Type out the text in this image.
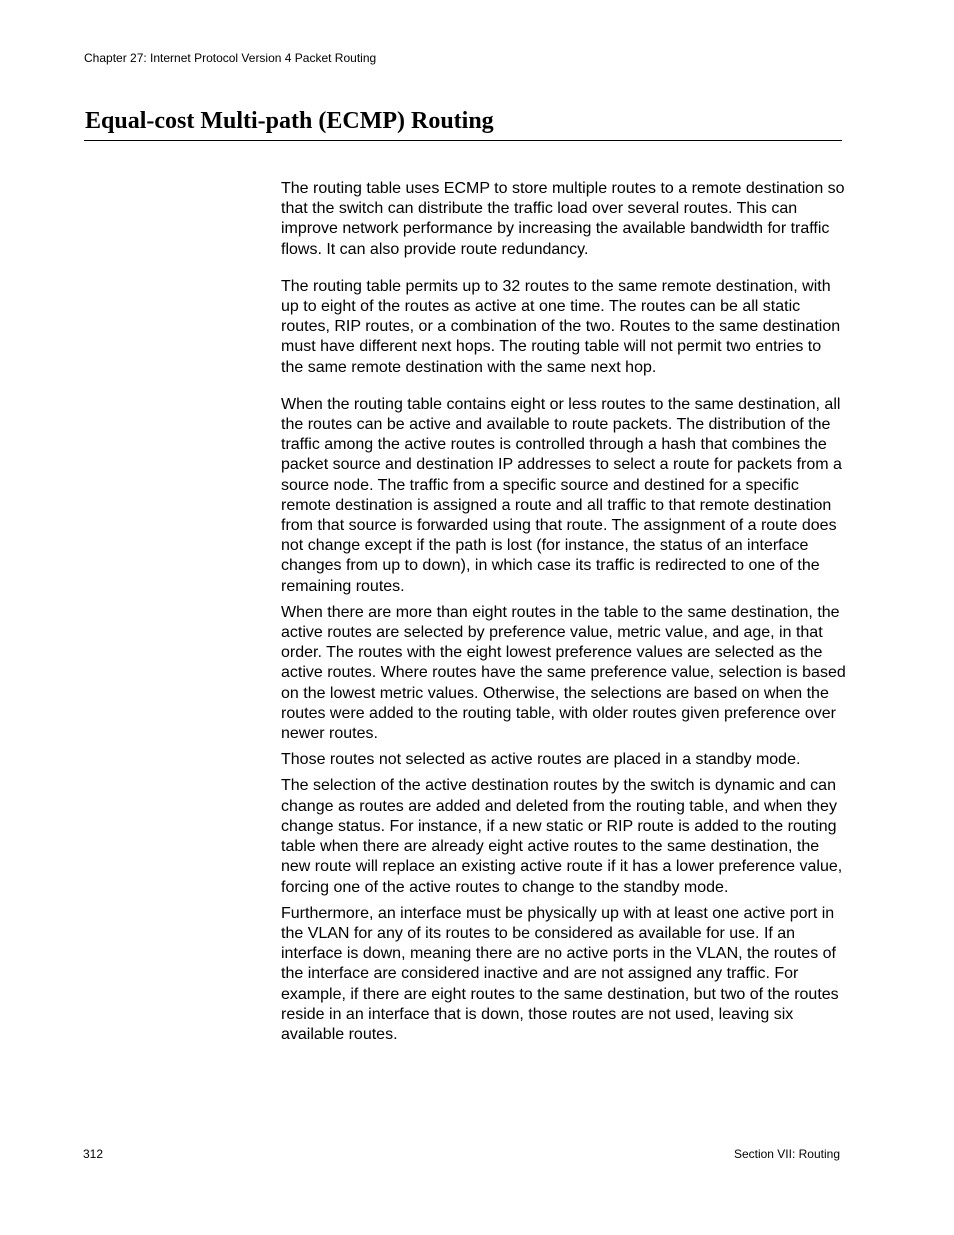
Chapter 27: Internet Protocol Version 4 Packet Routing
Equal-cost Multi-path (ECMP) Routing

The routing table uses ECMP to store multiple routes to a remote destination so that the switch can distribute the traffic load over several routes. This can improve network performance by increasing the available bandwidth for traffic flows. It can also provide route redundancy.

The routing table permits up to 32 routes to the same remote destination, with up to eight of the routes as active at one time. The routes can be all static routes, RIP routes, or a combination of the two. Routes to the same destination must have different next hops. The routing table will not permit two entries to the same remote destination with the same next hop.

When the routing table contains eight or less routes to the same destination, all the routes can be active and available to route packets. The distribution of the traffic among the active routes is controlled through a hash that combines the packet source and destination IP addresses to select a route for packets from a source node. The traffic from a specific source and destined for a specific remote destination is assigned a route and all traffic to that remote destination from that source is forwarded using that route. The assignment of a route does not change except if the path is lost (for instance, the status of an interface changes from up to down), in which case its traffic is redirected to one of the remaining routes.

When there are more than eight routes in the table to the same destination, the active routes are selected by preference value, metric value, and age, in that order. The routes with the eight lowest preference values are selected as the active routes. Where routes have the same preference value, selection is based on the lowest metric values. Otherwise, the selections are based on when the routes were added to the routing table, with older routes given preference over newer routes.

Those routes not selected as active routes are placed in a standby mode.

The selection of the active destination routes by the switch is dynamic and can change as routes are added and deleted from the routing table, and when they change status. For instance, if a new static or RIP route is added to the routing table when there are already eight active routes to the same destination, the new route will replace an existing active route if it has a lower preference value, forcing one of the active routes to change to the standby mode.

Furthermore, an interface must be physically up with at least one active port in the VLAN for any of its routes to be considered as available for use. If an interface is down, meaning there are no active ports in the VLAN, the routes of the interface are considered inactive and are not assigned any traffic. For example, if there are eight routes to the same destination, but two of the routes reside in an interface that is down, those routes are not used, leaving six available routes.

312	Section VII: Routing
